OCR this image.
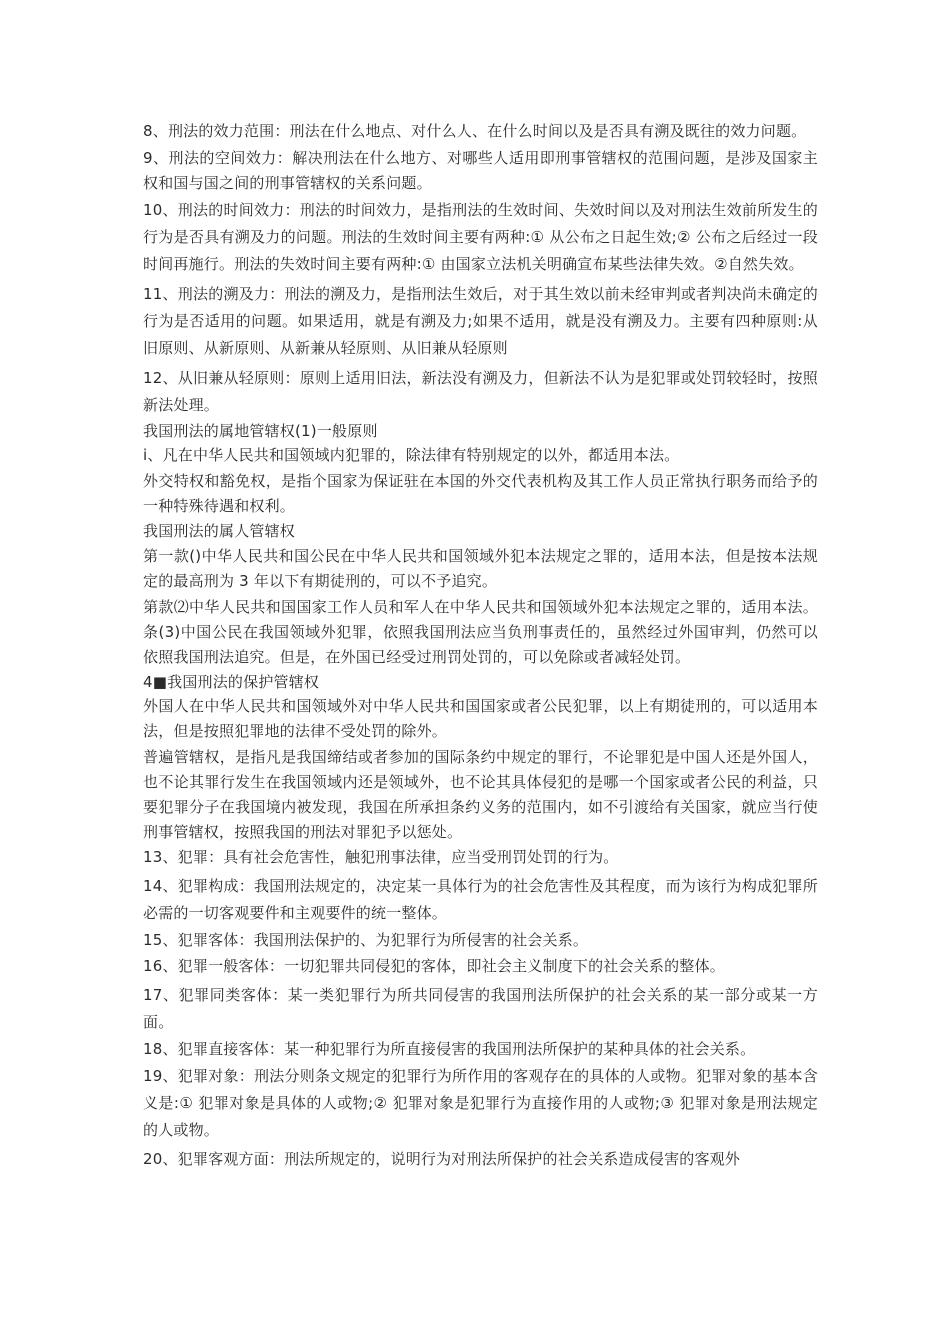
8、刑法的效力范围：刑法在什么地点、对什么人、在什么时间以及是否具有溯及既往的效力问题。

9、刑法的空间效力：解决刑法在什么地方、对哪些人适用即刑事管辖权的范围问题，是涉及国家主权和国与国之间的刑事管辖权的关系问题。

10、刑法的时间效力：刑法的时间效力，是指刑法的生效时间、失效时间以及对刑法生效前所发生的行为是否具有溯及力的问题。刑法的生效时间主要有两种:① 从公布之日起生效;② 公布之后经过一段时间再施行。刑法的失效时间主要有两种:① 由国家立法机关明确宣布某些法律失效。②自然失效。

11、刑法的溯及力：刑法的溯及力，是指刑法生效后，对于其生效以前未经审判或者判决尚未确定的行为是否适用的问题。如果适用，就是有溯及力;如果不适用，就是没有溯及力。主要有四种原则:从旧原则、从新原则、从新兼从轻原则、从旧兼从轻原则

12、从旧兼从轻原则：原则上适用旧法，新法没有溯及力，但新法不认为是犯罪或处罚较轻时，按照新法处理。

我国刑法的属地管辖权(1)一般原则

i、凡在中华人民共和国领域内犯罪的，除法律有特别规定的以外，都适用本法。

外交特权和豁免权，是指个国家为保证驻在本国的外交代表机构及其工作人员正常执行职务而给予的一种特殊待遇和权利。

我国刑法的属人管辖权

第一款()中华人民共和国公民在中华人民共和国领域外犯本法规定之罪的，适用本法，但是按本法规定的最高刑为 3 年以下有期徒刑的，可以不予追究。

第款⑵中华人民共和国国家工作人员和军人在中华人民共和国领域外犯本法规定之罪的，适用本法。条(3)中国公民在我国领域外犯罪，依照我国刑法应当负刑事责任的，虽然经过外国审判，仍然可以依照我国刑法追究。但是，在外国已经受过刑罚处罚的，可以免除或者减轻处罚。

4■我国刑法的保护管辖权

外国人在中华人民共和国领域外对中华人民共和国国家或者公民犯罪，以上有期徒刑的，可以适用本法，但是按照犯罪地的法律不受处罚的除外。

普遍管辖权，是指凡是我国缔结或者参加的国际条约中规定的罪行，不论罪犯是中国人还是外国人，也不论其罪行发生在我国领域内还是领域外，也不论其具体侵犯的是哪一个国家或者公民的利益，只要犯罪分子在我国境内被发现，我国在所承担条约义务的范围内，如不引渡给有关国家，就应当行使刑事管辖权，按照我国的刑法对罪犯予以惩处。

13、犯罪：具有社会危害性，触犯刑事法律，应当受刑罚处罚的行为。

14、犯罪构成：我国刑法规定的，决定某一具体行为的社会危害性及其程度，而为该行为构成犯罪所必需的一切客观要件和主观要件的统一整体。

15、犯罪客体：我国刑法保护的、为犯罪行为所侵害的社会关系。

16、犯罪一般客体：一切犯罪共同侵犯的客体，即社会主义制度下的社会关系的整体。

17、犯罪同类客体：某一类犯罪行为所共同侵害的我国刑法所保护的社会关系的某一部分或某一方面。

18、犯罪直接客体：某一种犯罪行为所直接侵害的我国刑法所保护的某种具体的社会关系。

19、犯罪对象：刑法分则条文规定的犯罪行为所作用的客观存在的具体的人或物。犯罪对象的基本含义是:① 犯罪对象是具体的人或物;② 犯罪对象是犯罪行为直接作用的人或物;③ 犯罪对象是刑法规定的人或物。

20、犯罪客观方面：刑法所规定的，说明行为对刑法所保护的社会关系造成侵害的客观外
